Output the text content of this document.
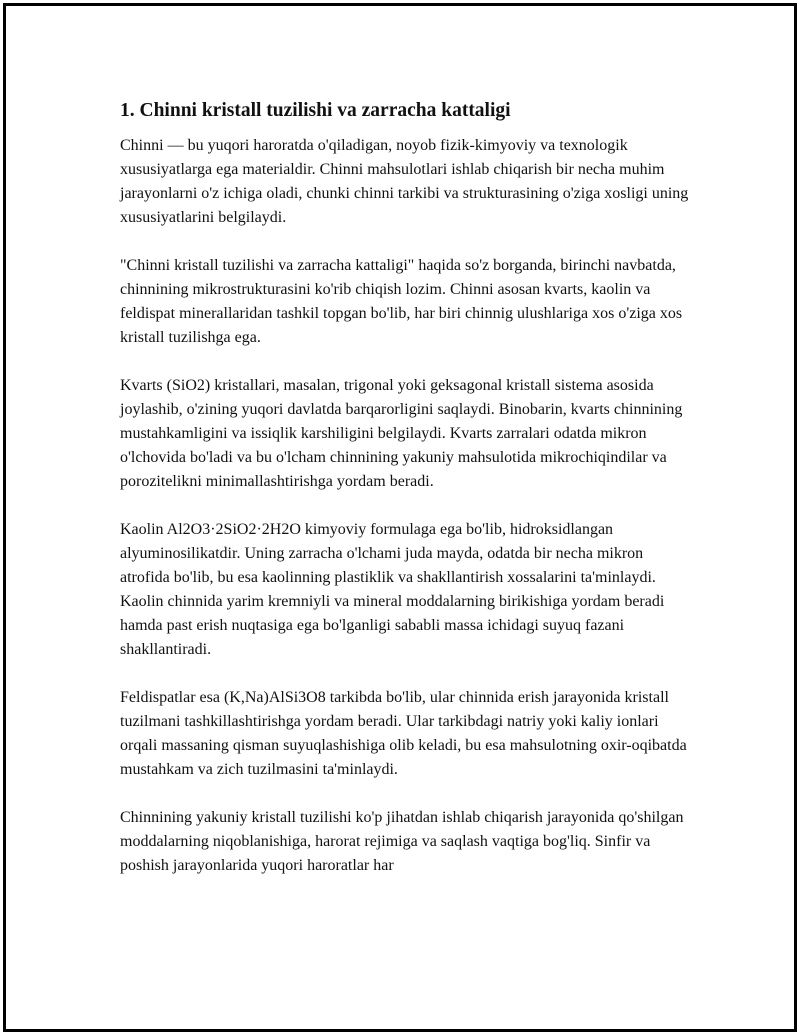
1. Chinni kristall tuzilishi va zarracha kattaligi

Chinni — bu yuqori haroratda o'qiladigan, noyob fizik-kimyoviy va texnologik xususiyatlarga ega materialdir. Chinni mahsulotlari ishlab chiqarish bir necha muhim jarayonlarni o'z ichiga oladi, chunki chinni tarkibi va strukturasining o'ziga xosligi uning xususiyatlarini belgilaydi.

"Chinni kristall tuzilishi va zarracha kattaligi" haqida so'z borganda, birinchi navbatda, chinnining mikrostrukturasini ko'rib chiqish lozim. Chinni asosan kvarts, kaolin va feldispat minerallaridan tashkil topgan bo'lib, har biri chinnig ulushlariga xos o'ziga xos kristall tuzilishga ega.

Kvarts (SiO2) kristallari, masalan, trigonal yoki geksagonal kristall sistema asosida joylashib, o'zining yuqori davlatda barqarorligini saqlaydi. Binobarin, kvarts chinnining mustahkamligini va issiqlik karshiligini belgilaydi. Kvarts zarralari odatda mikron o'lchovida bo'ladi va bu o'lcham chinnining yakuniy mahsulotida mikrochiqindilar va porozitelikni minimallashtirishga yordam beradi.

Kaolin Al2O3·2SiO2·2H2O kimyoviy formulaga ega bo'lib, hidroksidlangan alyuminosilikatdir. Uning zarracha o'lchami juda mayda, odatda bir necha mikron atrofida bo'lib, bu esa kaolinning plastiklik va shakllantirish xossalarini ta'minlaydi. Kaolin chinnida yarim kremniyli va mineral moddalarning birikishiga yordam beradi hamda past erish nuqtasiga ega bo'lganligi sababli massa ichidagi suyuq fazani shakllantiradi.

Feldispatlar esa (K,Na)AlSi3O8 tarkibda bo'lib, ular chinnida erish jarayonida kristall tuzilmani tashkillashtirishga yordam beradi. Ular tarkibdagi natriy yoki kaliy ionlari orqali massaning qisman suyuqlashishiga olib keladi, bu esa mahsulotning oxir-oqibatda mustahkam va zich tuzilmasini ta'minlaydi.

Chinnining yakuniy kristall tuzilishi ko'p jihatdan ishlab chiqarish jarayonida qo'shilgan moddalarning niqoblanishiga, harorat rejimiga va saqlash vaqtiga bog'liq. Sinfir va poshish jarayonlarida yuqori haroratlar har
